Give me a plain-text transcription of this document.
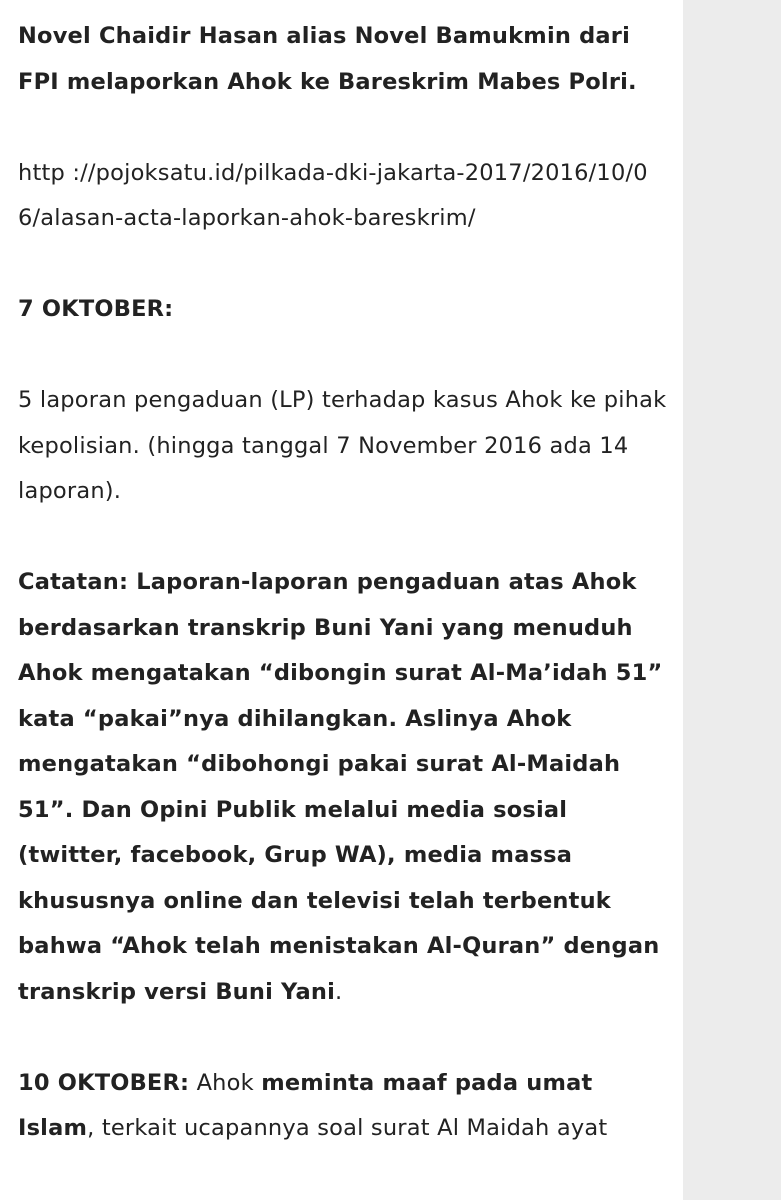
Novel Chaidir Hasan alias Novel Bamukmin dari FPI melaporkan Ahok ke Bareskrim Mabes Polri.

http ://pojoksatu.id/pilkada-dki-jakarta-2017/2016/10/06/alasan-acta-laporkan-ahok-bareskrim/

7 OKTOBER:

5 laporan pengaduan (LP) terhadap kasus Ahok ke pihak kepolisian. (hingga tanggal 7 November 2016 ada 14 laporan).

Catatan: Laporan-laporan pengaduan atas Ahok berdasarkan transkrip Buni Yani yang menuduh Ahok mengatakan “dibongin surat Al-Ma’idah 51” kata “pakai”nya dihilangkan. Aslinya Ahok mengatakan “dibohongi pakai surat Al-Maidah 51”. Dan Opini Publik melalui media sosial (twitter, facebook, Grup WA), media massa khususnya online dan televisi telah terbentuk bahwa “Ahok telah menistakan Al-Quran” dengan transkrip versi Buni Yani.

10 OKTOBER: Ahok meminta maaf pada umat Islam, terkait ucapannya soal surat Al Maidah ayat
